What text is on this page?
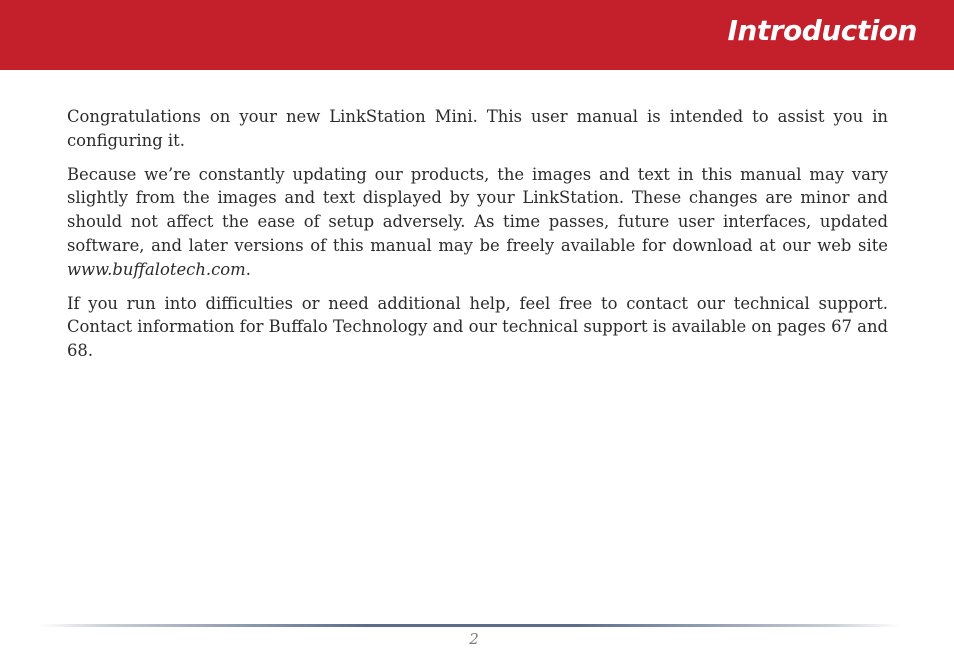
Introduction

Congratulations on your new LinkStation Mini. This user manual is intended to assist you in configuring it.

Because we’re constantly updating our products, the images and text in this manual may vary slightly from the images and text displayed by your LinkStation. These changes are minor and should not affect the ease of setup adversely. As time passes, future user interfaces, updated software, and later versions of this manual may be freely available for download at our web site www.buffalotech.com.

If you run into difficulties or need additional help, feel free to contact our technical support. Contact information for Buffalo Technology and our technical support is available on pages 67 and 68.

2
